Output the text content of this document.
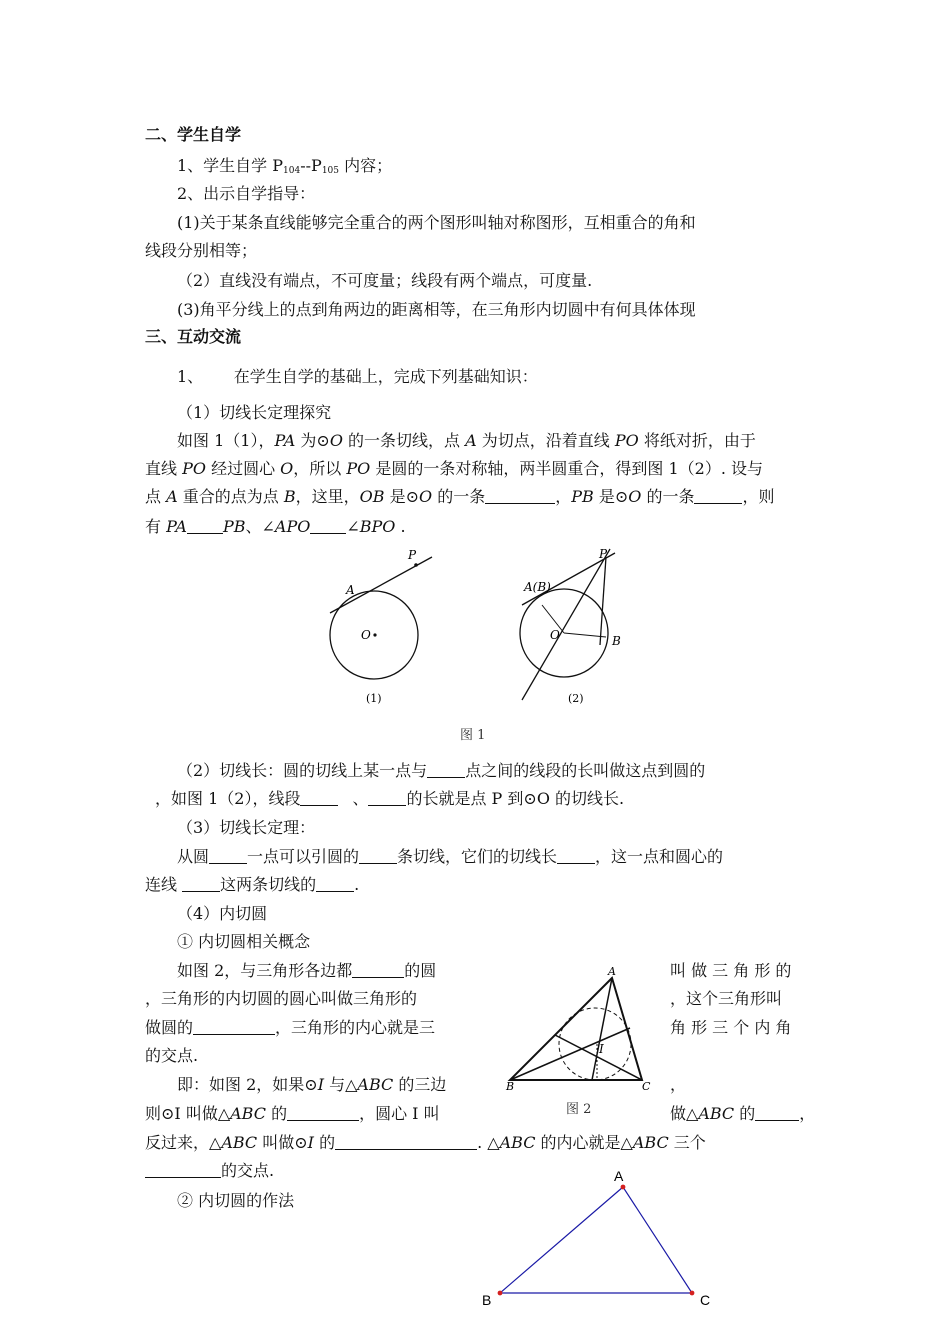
二、学生自学
1、学生自学 $P_{104}--P_{105}$ 内容；
2、出示自学指导：
(1)关于某条直线能够完全重合的两个图形叫轴对称图形，互相重合的角和
线段分别相等；
（2）直线没有端点，不可度量；线段有两个端点，可度量.
(3)角平分线上的点到角两边的距离相等，在三角形内切圆中有何具体体现
三、互动交流
1、      在学生自学的基础上，完成下列基础知识：
（1）切线长定理探究
如图 1（1），PA 为⊙O 的一条切线，点 A 为切点，沿着直线 PO 将纸对折，由于
直线 PO 经过圆心 O，所以 PO 是圆的一条对称轴，两半圆重合，得到图 1（2）. 设与
点 A 重合的点为点 B，这里，OB 是⊙O 的一条	，PB 是⊙O 的一条	，则
有 PA PB、∠APO ∠BPO .
P
A
O
(1)
P
A(B)
O	B
(2)
图 1
（2）切线长：圆的切线上某一点与 点之间的线段的长叫做这点到圆的
，如图 1（2），线段	、 的长就是点 P 到⊙O 的切线长.
（3）切线长定理：
从圆 一点可以引圆的 条切线，它们的切线长 ，这一点和圆心的
连线 这两条切线的 .
（4）内切圆
① 内切圆相关概念
如图 2，与三角形各边都	的圆	叫 做 三 角 形 的
，三角形的内切圆的圆心叫做三角形的	，这个三角形叫
做圆的	，三角形的内心就是三	角 形 三 个 内 角
的交点.
即：如图 2，如果⊙I 与△ABC 的三边	，
则⊙I 叫做△ABC 的	，圆心 I 叫	做△ABC 的	，
反过来，△ABC 叫做⊙I 的	. △ABC 的内心就是△ABC 三个
的交点.
A
B	C
I
图 2
② 内切圆的作法
A
B	C
